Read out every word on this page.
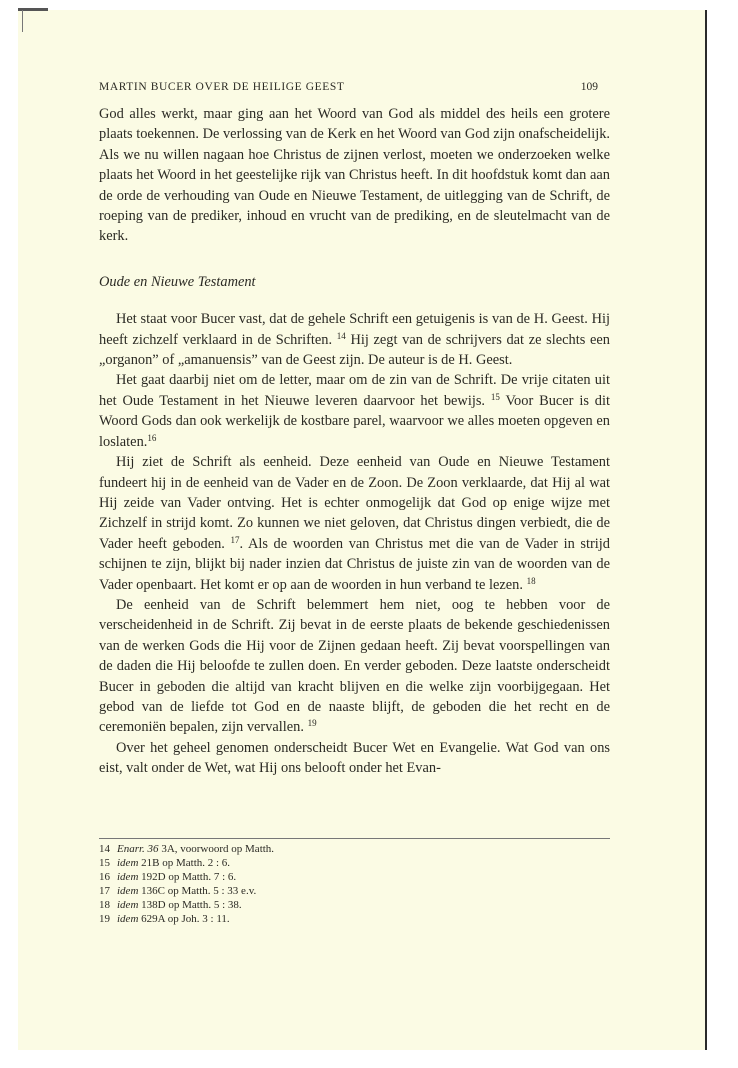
MARTIN BUCER OVER DE HEILIGE GEEST	109

God alles werkt, maar ging aan het Woord van God als middel des heils een grotere plaats toekennen. De verlossing van de Kerk en het Woord van God zijn onafscheidelijk. Als we nu willen nagaan hoe Christus de zijnen verlost, moeten we onderzoeken welke plaats het Woord in het geestelijke rijk van Christus heeft. In dit hoofdstuk komt dan aan de orde de verhouding van Oude en Nieuwe Testament, de uitlegging van de Schrift, de roeping van de prediker, inhoud en vrucht van de prediking, en de sleutelmacht van de kerk.

Oude en Nieuwe Testament

Het staat voor Bucer vast, dat de gehele Schrift een getuigenis is van de H. Geest. Hij heeft zichzelf verklaard in de Schriften. $^{14}$ Hij zegt van de schrijvers dat ze slechts een „organon” of „amanuensis” van de Geest zijn. De auteur is de H. Geest.

Het gaat daarbij niet om de letter, maar om de zin van de Schrift. De vrije citaten uit het Oude Testament in het Nieuwe leveren daarvoor het bewijs. $^{15}$ Voor Bucer is dit Woord Gods dan ook werkelijk de kostbare parel, waarvoor we alles moeten opgeven en loslaten.$^{16}$

Hij ziet de Schrift als eenheid. Deze eenheid van Oude en Nieuwe Testament fundeert hij in de eenheid van de Vader en de Zoon. De Zoon verklaarde, dat Hij al wat Hij zeide van Vader ontving. Het is echter onmogelijk dat God op enige wijze met Zichzelf in strijd komt. Zo kunnen we niet geloven, dat Christus dingen verbiedt, die de Vader heeft geboden. $^{17}$. Als de woorden van Christus met die van de Vader in strijd schijnen te zijn, blijkt bij nader inzien dat Christus de juiste zin van de woorden van de Vader openbaart. Het komt er op aan de woorden in hun verband te lezen. $^{18}$

De eenheid van de Schrift belemmert hem niet, oog te hebben voor de verscheidenheid in de Schrift. Zij bevat in de eerste plaats de bekende geschiedenissen van de werken Gods die Hij voor de Zijnen gedaan heeft. Zij bevat voorspellingen van de daden die Hij beloofde te zullen doen. En verder geboden. Deze laatste onderscheidt Bucer in geboden die altijd van kracht blijven en die welke zijn voorbijgegaan. Het gebod van de liefde tot God en de naaste blijft, de geboden die het recht en de ceremoniën bepalen, zijn vervallen. $^{19}$

Over het geheel genomen onderscheidt Bucer Wet en Evangelie. Wat God van ons eist, valt onder de Wet, wat Hij ons belooft onder het Evan-

14 Enarr. 36 3A, voorwoord op Matth.
15 idem 21B op Matth. 2 : 6.
16 idem 192D op Matth. 7 : 6.
17 idem 136C op Matth. 5 : 33 e.v.
18 idem 138D op Matth. 5 : 38.
19 idem 629A op Joh. 3 : 11.
